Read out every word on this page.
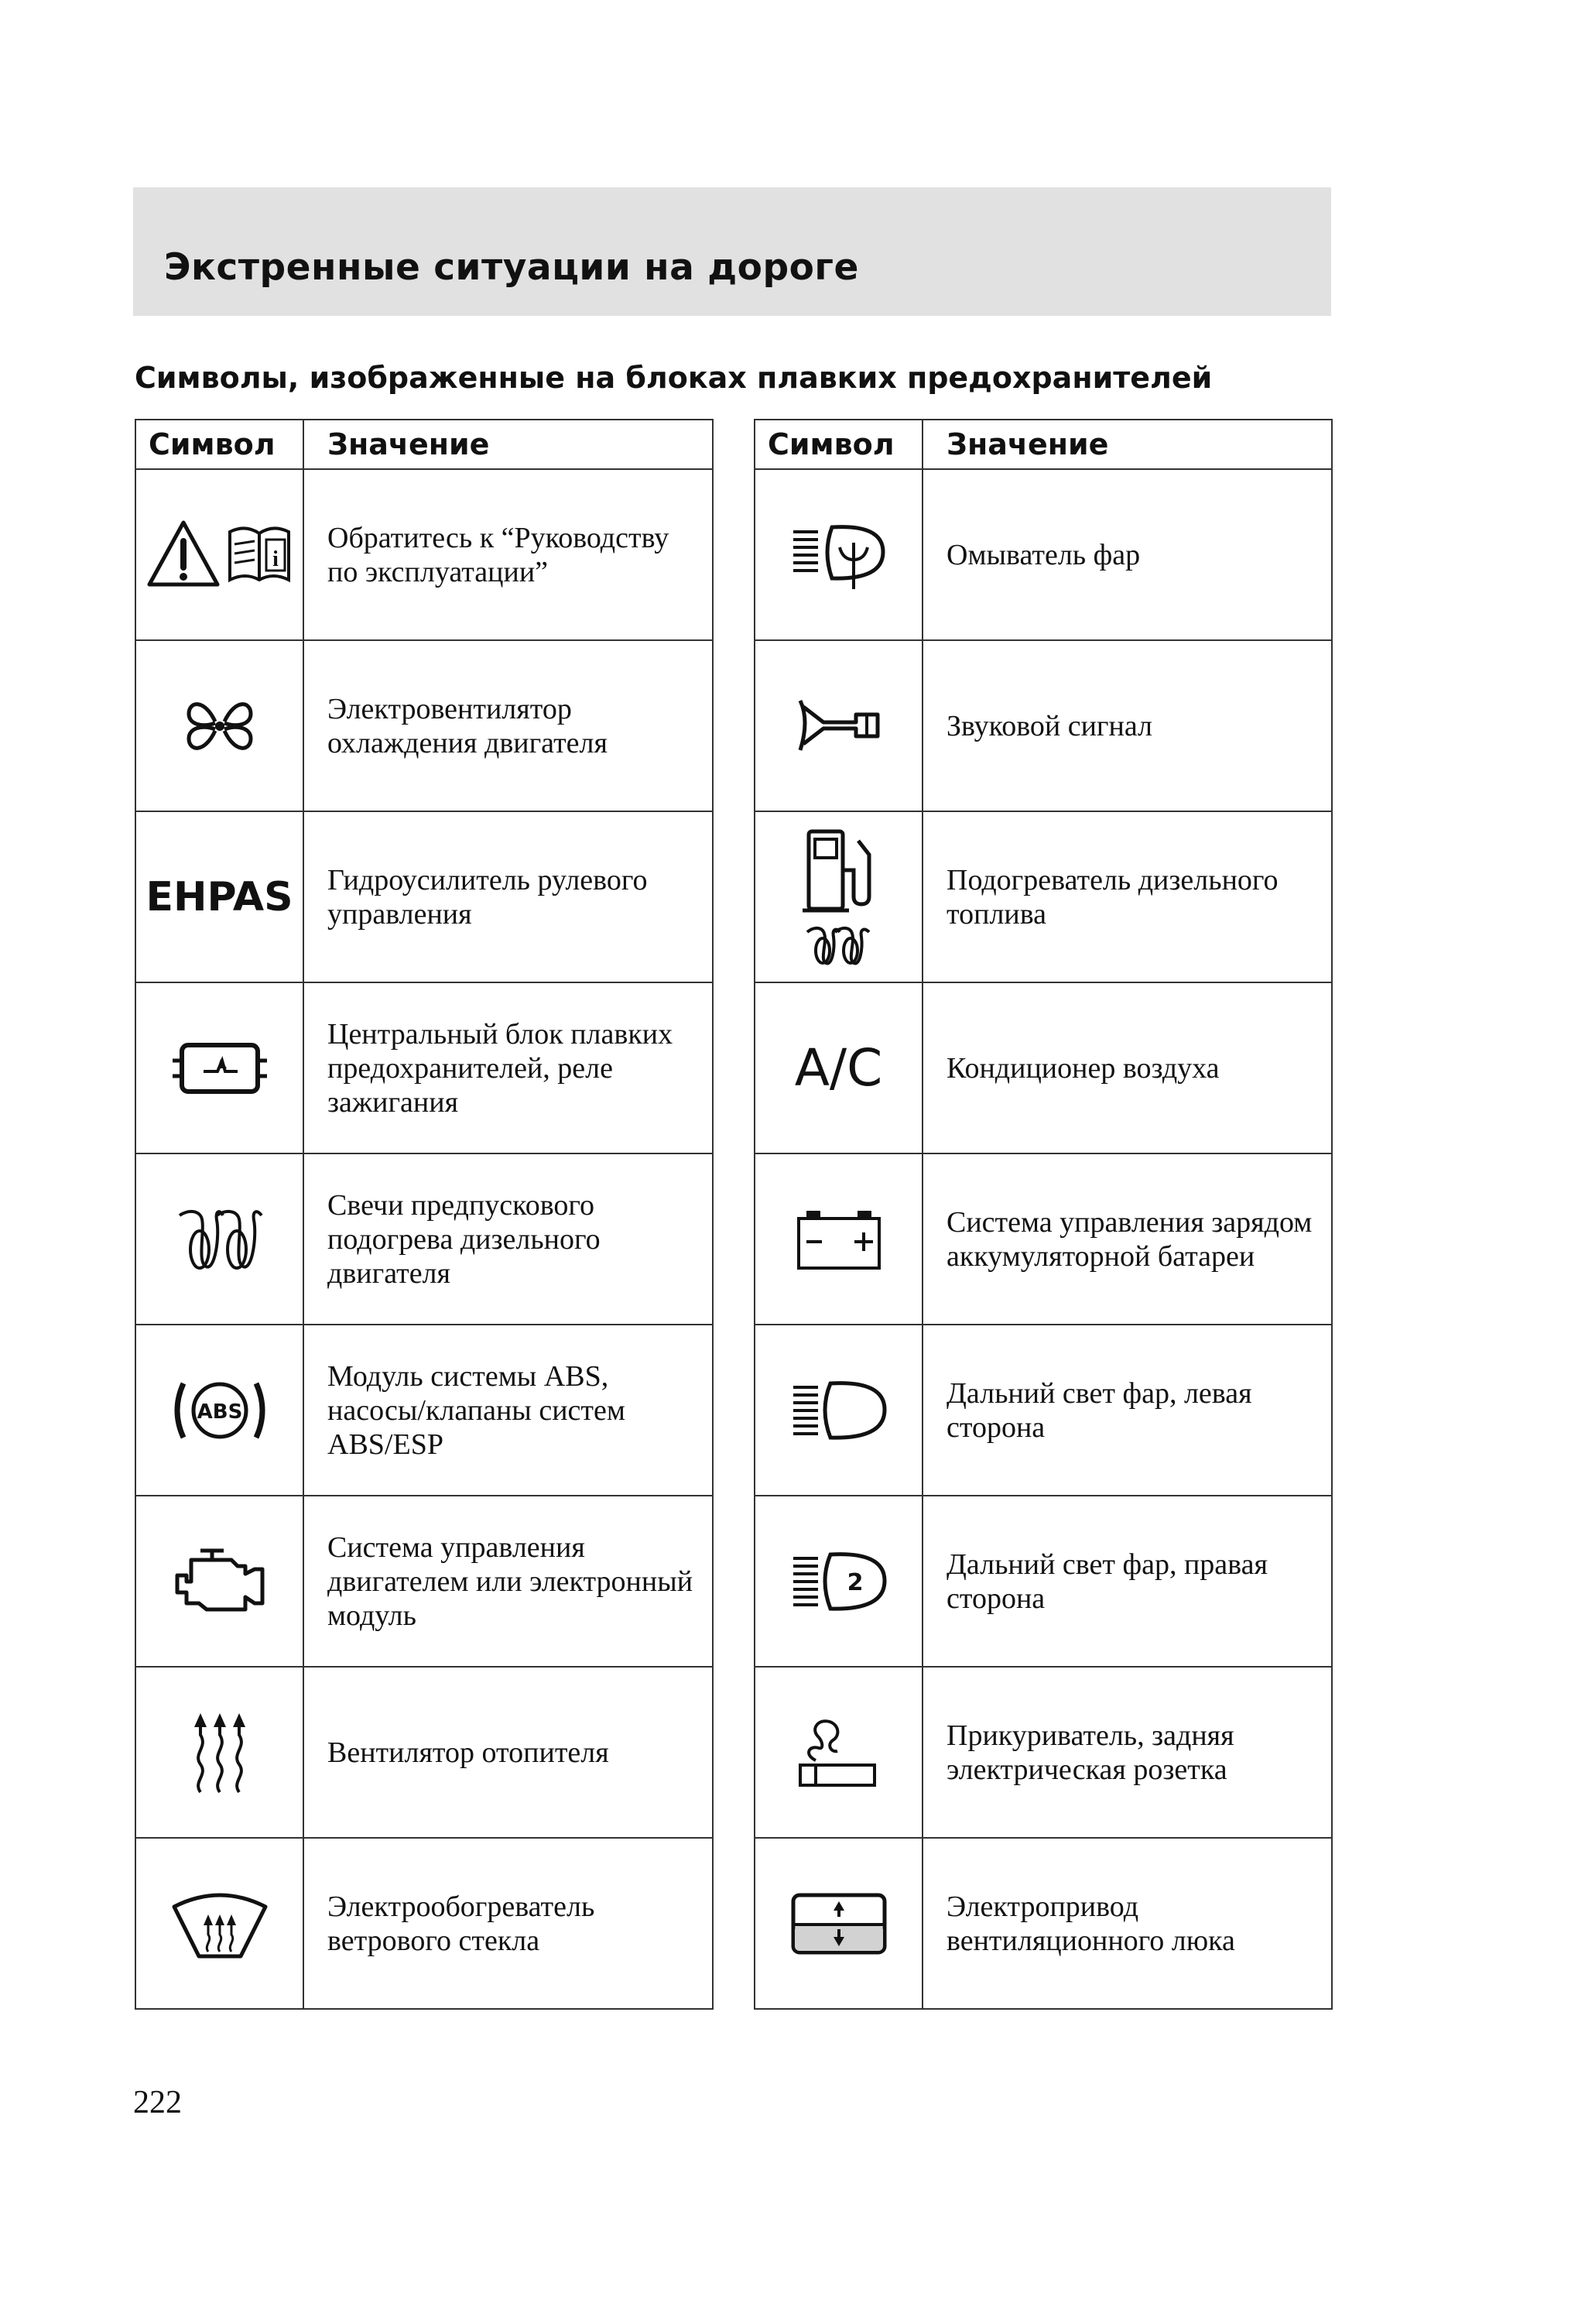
Экстренные ситуации на дороге
Символы, изображенные на блоках плавких предохранителей
Символ	Значение

i	Обратитесь к “Руководству по эксплуатации”

	Электровентилятор охлаждения двигателя
EHPAS	Гидроусилитель рулевого управления

	Центральный блок плавких предохранителей, реле зажигания

	Свечи предпускового подогрева дизельного двигателя

ABS	Модуль системы ABS, насосы/клапаны систем ABS/ESP

	Система управления двигателем или электронный модуль

	Вентилятор отопителя

	Электрообогреватель ветрового стекла
Символ	Значение

	Омыватель фар

	Звуковой сигнал

	Подогреватель дизельного топлива
A/C	Кондиционер воздуха

	Система управления зарядом аккумуляторной батареи

	Дальний свет фар, левая сторона

2	Дальний свет фар, правая сторона

	Прикуриватель, задняя электрическая розетка

	Электропривод вентиляционного люка
222
